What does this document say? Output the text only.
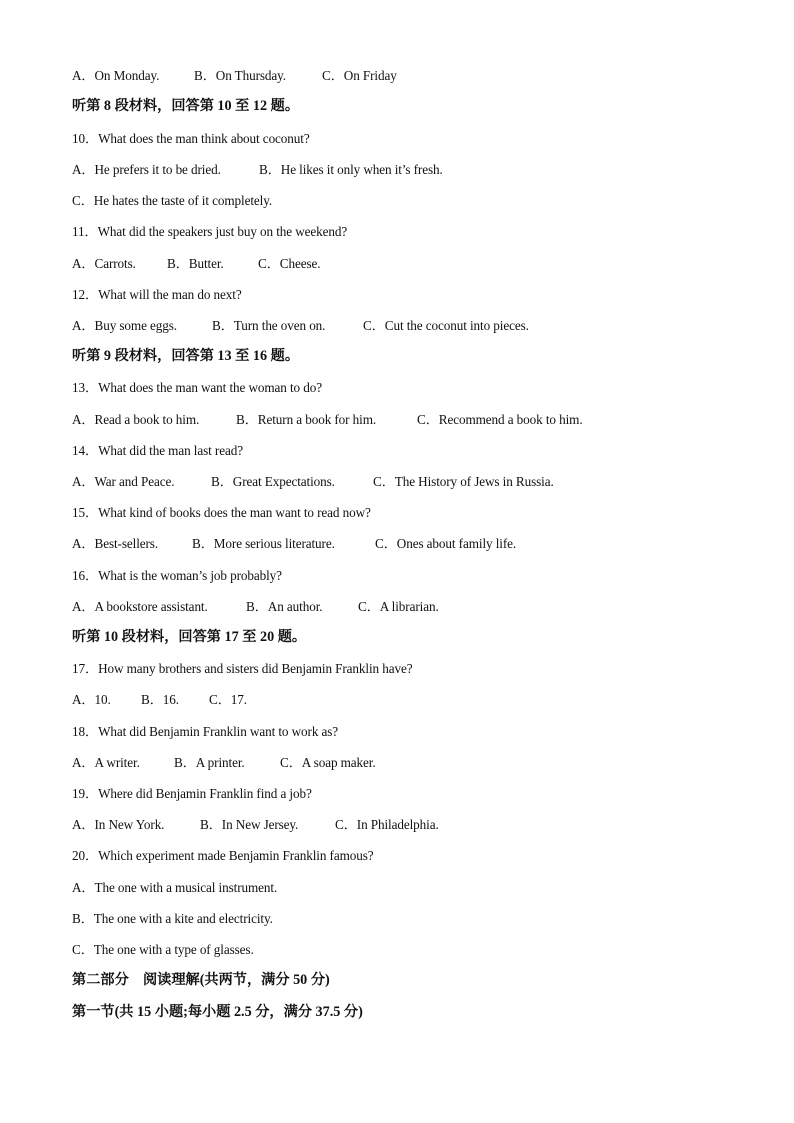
A．On Monday.	B．On Thursday.	C．On Friday
听第 8 段材料，回答第 10 至 12 题。
10．What does the man think about coconut?
A．He prefers it to be dried.	B．He likes it only when it’s fresh.
C．He hates the taste of it completely.
11．What did the speakers just buy on the weekend?
A．Carrots. B．Butter.	C．Cheese.
12．What will the man do next?
A．Buy some eggs.	B．Turn the oven on.	C．Cut the coconut into pieces.
听第 9 段材料，回答第 13 至 16 题。
13．What does the man want the woman to do?
A．Read a book to him.	B．Return a book for him.	C．Recommend a book to him.
14．What did the man last read?
A．War and Peace.	B．Great Expectations.	C．The History of Jews in Russia.
15．What kind of books does the man want to read now?
A．Best-sellers.	B．More serious literature.	C．Ones about family life.
16．What is the woman’s job probably?
A．A bookstore assistant.	B．An author.	C．A librarian.
听第 10 段材料，回答第 17 至 20 题。
17．How many brothers and sisters did Benjamin Franklin have?
A．10. B．16. C．17.
18．What did Benjamin Franklin want to work as?
A．A writer.	B．A printer.	C．A soap maker.
19．Where did Benjamin Franklin find a job?
A．In New York.	B．In New Jersey.	C．In Philadelphia.
20．Which experiment made Benjamin Franklin famous?
A．The one with a musical instrument.
B．The one with a kite and electricity.
C．The one with a type of glasses.
第二部分　阅读理解(共两节，满分 50 分)
第一节(共 15 小题;每小题 2.5 分，满分 37.5 分)
